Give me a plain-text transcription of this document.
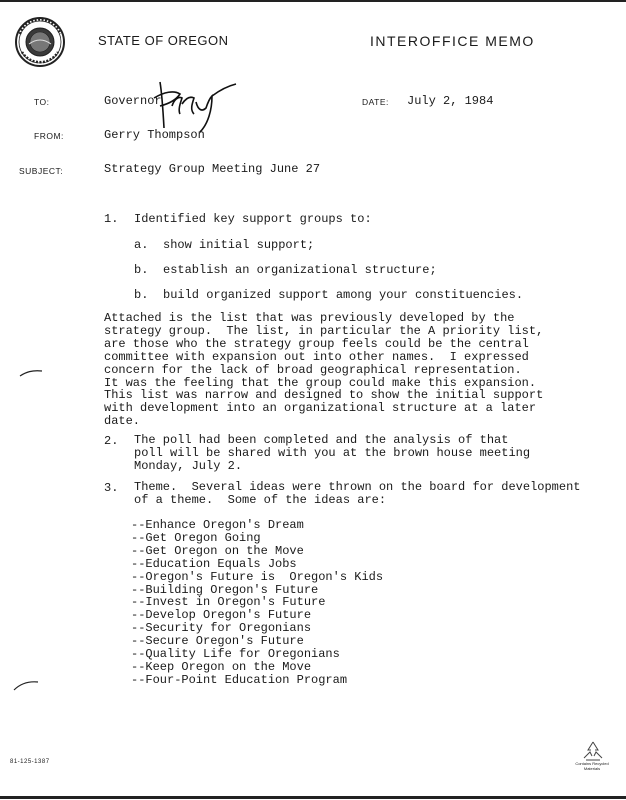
STATE OF OREGON	INTEROFFICE MEMO
TO:	Governor	DATE: July 2, 1984
FROM:	Gerry Thompson
SUBJECT:	Strategy Group Meeting June 27
1. Identified key support groups to:
a. show initial support;
b. establish an organizational structure;
b. build organized support among your constituencies.
Attached is the list that was previously developed by the
strategy group.  The list, in particular the A priority list,
are those who the strategy group feels could be the central
committee with expansion out into other names.  I expressed
concern for the lack of broad geographical representation.
It was the feeling that the group could make this expansion.
This list was narrow and designed to show the initial support
with development into an organizational structure at a later
date.
2. The poll had been completed and the analysis of that
poll will be shared with you at the brown house meeting
Monday, July 2.
3. Theme.  Several ideas were thrown on the board for development
of a theme.  Some of the ideas are:
--Enhance Oregon's Dream
--Get Oregon Going
--Get Oregon on the Move
--Education Equals Jobs
--Oregon's Future is  Oregon's Kids
--Building Oregon's Future
--Invest in Oregon's Future
--Develop Oregon's Future
--Security for Oregonians
--Secure Oregon's Future
--Quality Life for Oregonians
--Keep Oregon on the Move
--Four-Point Education Program
81-125-1387	Contains Recycled Materials
